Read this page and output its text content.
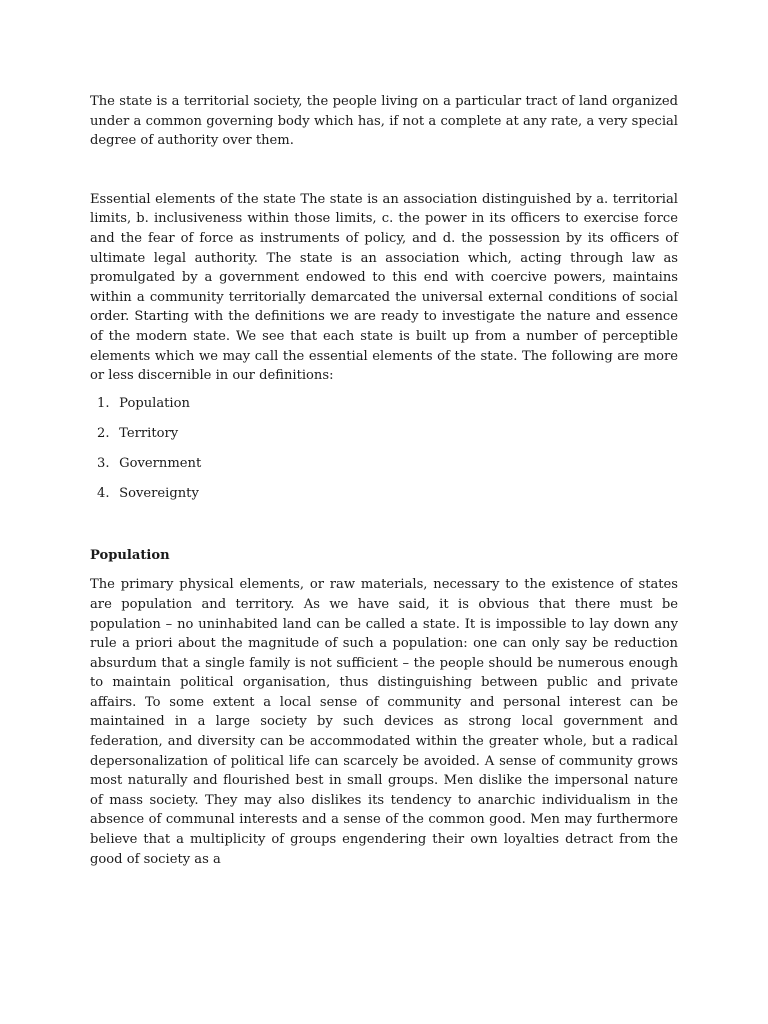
The state is a territorial society, the people living on a particular tract of land organized under a common governing body which has, if not a complete at any rate, a very special degree of authority over them.

Essential elements of the state The state is an association distinguished by a. territorial limits, b. inclusiveness within those limits, c. the power in its officers to exercise force and the fear of force as instruments of policy, and d. the possession by its officers of ultimate legal authority. The state is an association which, acting through law as promulgated by a government endowed to this end with coercive powers, maintains within a community territorially demarcated the universal external conditions of social order. Starting with the definitions we are ready to investigate the nature and essence of the modern state. We see that each state is built up from a number of perceptible elements which we may call the essential elements of the state. The following are more or less discernible in our definitions:

1. Population
2. Territory
3. Government
4. Sovereignty
Population

The primary physical elements, or raw materials, necessary to the existence of states are population and territory. As we have said, it is obvious that there must be population – no uninhabited land can be called a state. It is impossible to lay down any rule a priori about the magnitude of such a population: one can only say be reduction absurdum that a single family is not sufficient – the people should be numerous enough to maintain political organisation, thus distinguishing between public and private affairs. To some extent a local sense of community and personal interest can be maintained in a large society by such devices as strong local government and federation, and diversity can be accommodated within the greater whole, but a radical depersonalization of political life can scarcely be avoided. A sense of community grows most naturally and flourished best in small groups. Men dislike the impersonal nature of mass society. They may also dislikes its tendency to anarchic individualism in the absence of communal interests and a sense of the common good. Men may furthermore believe that a multiplicity of groups engendering their own loyalties detract from the good of society as a
